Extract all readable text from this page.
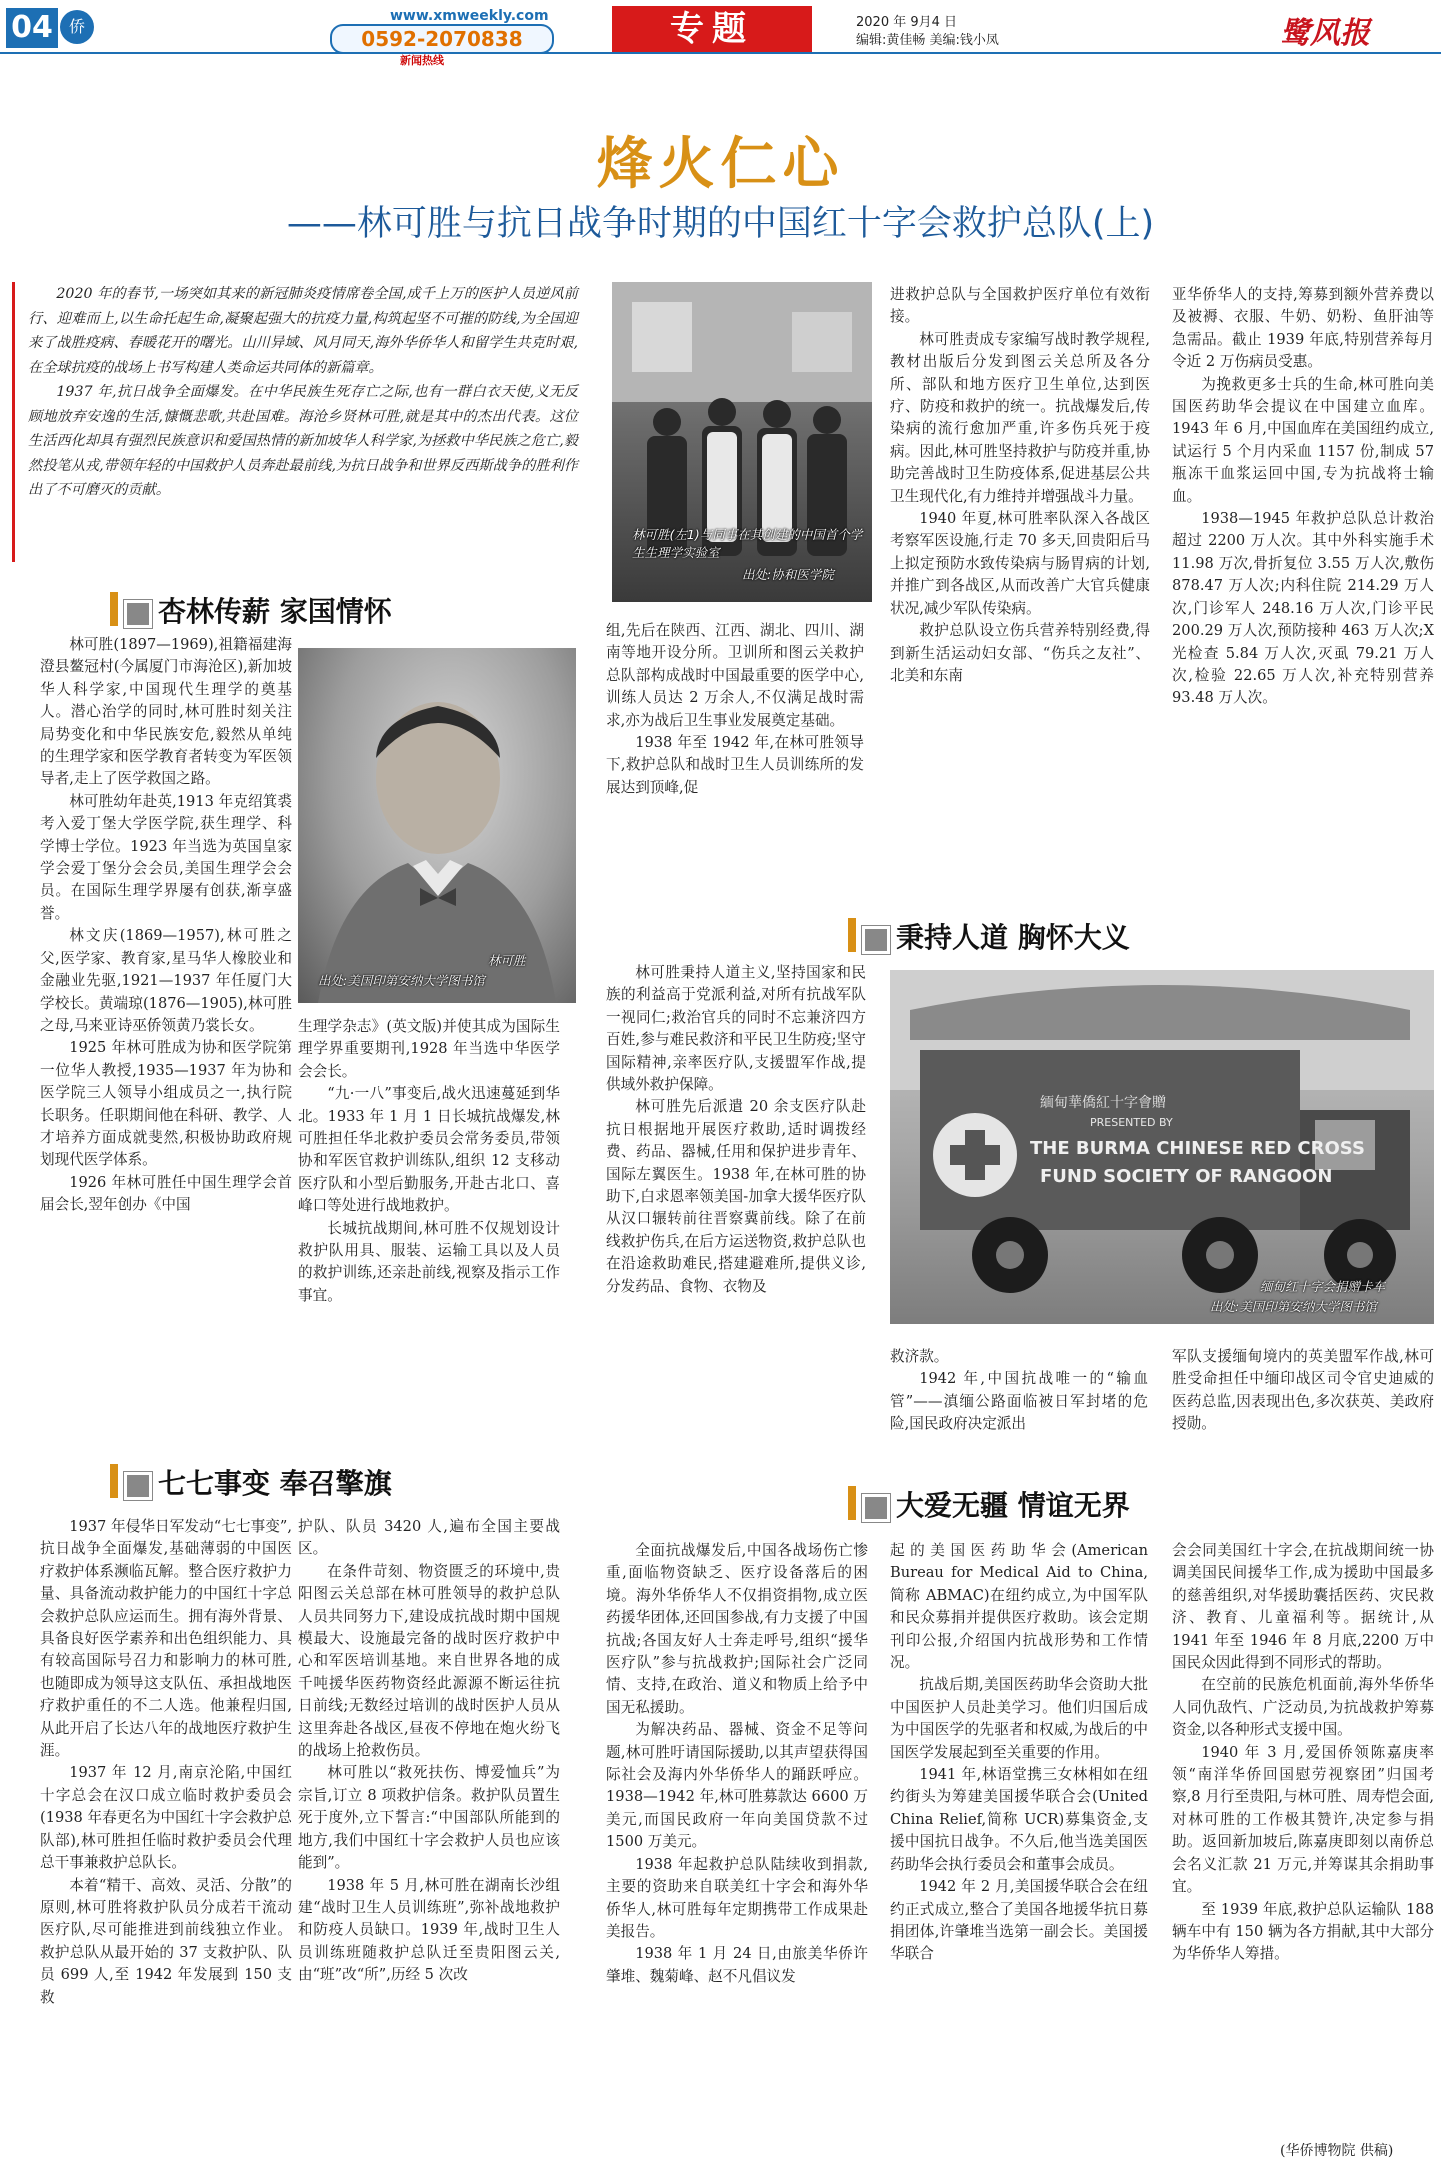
04	侨
www.xmweekly.com
0592-2070838
新闻热线
专题	2020 年 9月4 日
编辑:黄佳畅 美编:钱小凤	鹭风报
烽火仁心
——林可胜与抗日战争时期的中国红十字会救护总队(上)

2020 年的春节,一场突如其来的新冠肺炎疫情席卷全国,成千上万的医护人员逆风前行、迎难而上,以生命托起生命,凝聚起强大的抗疫力量,构筑起坚不可摧的防线,为全国迎来了战胜疫病、春暖花开的曙光。山川异域、风月同天,海外华侨华人和留学生共克时艰,在全球抗疫的战场上书写构建人类命运共同体的新篇章。

1937 年,抗日战争全面爆发。在中华民族生死存亡之际,也有一群白衣天使,义无反顾地放弃安逸的生活,慷慨悲歌,共赴国难。海沧乡贤林可胜,就是其中的杰出代表。这位生活西化却具有强烈民族意识和爱国热情的新加坡华人科学家,为拯救中华民族之危亡,毅然投笔从戎,带领年轻的中国救护人员奔赴最前线,为抗日战争和世界反西斯战争的胜利作出了不可磨灭的贡献。

林可胜(左1)与同事在其创建的中国首个学生生理学实验室
出处:协和医学院
杏林传薪 家国情怀
林可胜
出处:美国印第安纳大学图书馆

林可胜(1897—1969),祖籍福建海澄县鳌冠村(今属厦门市海沧区),新加坡华人科学家,中国现代生理学的奠基人。潜心治学的同时,林可胜时刻关注局势变化和中华民族安危,毅然从单纯的生理学家和医学教育者转变为军医领导者,走上了医学救国之路。

林可胜幼年赴英,1913 年克绍箕裘考入爱丁堡大学医学院,获生理学、科学博士学位。1923 年当选为英国皇家学会爱丁堡分会会员,美国生理学会会员。在国际生理学界屡有创获,渐享盛誉。

林文庆(1869—1957),林可胜之父,医学家、教育家,星马华人橡胶业和金融业先驱,1921—1937 年任厦门大学校长。黄端琼(1876—1905),林可胜之母,马来亚诗巫侨领黄乃裳长女。

1925 年林可胜成为协和医学院第一位华人教授,1935—1937 年为协和医学院三人领导小组成员之一,执行院长职务。任职期间他在科研、教学、人才培养方面成就斐然,积极协助政府规划现代医学体系。

1926 年林可胜任中国生理学会首届会长,翌年创办《中国

生理学杂志》(英文版)并使其成为国际生理学界重要期刊,1928 年当选中华医学会会长。

“九·一八”事变后,战火迅速蔓延到华北。1933 年 1 月 1 日长城抗战爆发,林可胜担任华北救护委员会常务委员,带领协和军医官救护训练队,组织 12 支移动医疗队和小型后勤服务,开赴古北口、喜峰口等处进行战地救护。

长城抗战期间,林可胜不仅规划设计救护队用具、服装、运输工具以及人员的救护训练,还亲赴前线,视察及指示工作事宜。

组,先后在陕西、江西、湖北、四川、湖南等地开设分所。卫训所和图云关救护总队部构成战时中国最重要的医学中心,训练人员达 2 万余人,不仅满足战时需求,亦为战后卫生事业发展奠定基础。

1938 年至 1942 年,在林可胜领导下,救护总队和战时卫生人员训练所的发展达到顶峰,促

进救护总队与全国救护医疗单位有效衔接。

林可胜责成专家编写战时教学规程,教材出版后分发到图云关总所及各分所、部队和地方医疗卫生单位,达到医疗、防疫和救护的统一。抗战爆发后,传染病的流行愈加严重,许多伤兵死于疫病。因此,林可胜坚持救护与防疫并重,协助完善战时卫生防疫体系,促进基层公共卫生现代化,有力维持并增强战斗力量。

1940 年夏,林可胜率队深入各战区考察军医设施,行走 70 多天,回贵阳后马上拟定预防水致传染病与肠胃病的计划,并推广到各战区,从而改善广大官兵健康状况,减少军队传染病。

救护总队设立伤兵营养特别经费,得到新生活运动妇女部、“伤兵之友社”、北美和东南

亚华侨华人的支持,筹募到额外营养费以及被褥、衣服、牛奶、奶粉、鱼肝油等急需品。截止 1939 年底,特别营养每月令近 2 万伤病员受惠。

为挽救更多士兵的生命,林可胜向美国医药助华会提议在中国建立血库。1943 年 6 月,中国血库在美国纽约成立,试运行 5 个月内采血 1157 份,制成 57 瓶冻干血浆运回中国,专为抗战将士输血。

1938—1945 年救护总队总计救治超过 2200 万人次。其中外科实施手术 11.98 万次,骨折复位 3.55 万人次,敷伤 878.47 万人次;内科住院 214.29 万人次,门诊军人 248.16 万人次,门诊平民 200.29 万人次,预防接种 463 万人次;X 光检查 5.84 万人次,灭虱 79.21 万人次,检验 22.65 万人次,补充特别营养 93.48 万人次。

秉持人道 胸怀大义

林可胜秉持人道主义,坚持国家和民族的利益高于党派利益,对所有抗战军队一视同仁;救治官兵的同时不忘兼济四方百姓,参与难民救济和平民卫生防疫;坚守国际精神,亲率医疗队,支援盟军作战,提供域外救护保障。

林可胜先后派遣 20 余支医疗队赴抗日根据地开展医疗救助,适时调拨经费、药品、器械,任用和保护进步青年、国际左翼医生。1938 年,在林可胜的协助下,白求恩率领美国-加拿大援华医疗队从汉口辗转前往晋察冀前线。除了在前线救护伤兵,在后方运送物资,救护总队也在沿途救助难民,搭建避难所,提供义诊,分发药品、食物、衣物及

緬甸華僑紅十字會贈
PRESENTED BY
THE BURMA CHINESE RED CROSS
FUND SOCIETY OF RANGOON
缅甸红十字会捐赠卡车
出处:美国印第安纳大学图书馆

救济款。

1942 年,中国抗战唯一的“输血管”——滇缅公路面临被日军封堵的危险,国民政府决定派出

军队支援缅甸境内的英美盟军作战,林可胜受命担任中缅印战区司令官史迪威的医药总监,因表现出色,多次获英、美政府授勋。

七七事变 奉召擎旗
大爱无疆 情谊无界

1937 年侵华日军发动“七七事变”,抗日战争全面爆发,基础薄弱的中国医疗救护体系濒临瓦解。整合医疗救护力量、具备流动救护能力的中国红十字总会救护总队应运而生。拥有海外背景、具备良好医学素养和出色组织能力、具有较高国际号召力和影响力的林可胜,也随即成为领导这支队伍、承担战地医疗救护重任的不二人选。他兼程归国,从此开启了长达八年的战地医疗救护生涯。

1937 年 12 月,南京沦陷,中国红十字总会在汉口成立临时救护委员会(1938 年春更名为中国红十字会救护总队部),林可胜担任临时救护委员会代理总干事兼救护总队长。

本着“精干、高效、灵活、分散”的原则,林可胜将救护队员分成若干流动医疗队,尽可能推进到前线独立作业。救护总队从最开始的 37 支救护队、队员 699 人,至 1942 年发展到 150 支救

护队、队员 3420 人,遍布全国主要战区。

在条件苛刻、物资匮乏的环境中,贵阳图云关总部在林可胜领导的救护总队人员共同努力下,建设成抗战时期中国规模最大、设施最完备的战时医疗救护中心和军医培训基地。来自世界各地的成千吨援华医药物资经此源源不断运往抗日前线;无数经过培训的战时医护人员从这里奔赴各战区,昼夜不停地在炮火纷飞的战场上抢救伤员。

林可胜以“救死扶伤、博爱恤兵”为宗旨,订立 8 项救护信条。救护队员置生死于度外,立下誓言:“中国部队所能到的地方,我们中国红十字会救护人员也应该能到”。

1938 年 5 月,林可胜在湖南长沙组建“战时卫生人员训练班”,弥补战地救护和防疫人员缺口。1939 年,战时卫生人员训练班随救护总队迁至贵阳图云关,由“班”改“所”,历经 5 次改

全面抗战爆发后,中国各战场伤亡惨重,面临物资缺乏、医疗设备落后的困境。海外华侨华人不仅捐资捐物,成立医药援华团体,还回国参战,有力支援了中国抗战;各国友好人士奔走呼号,组织“援华医疗队”参与抗战救护;国际社会广泛同情、支持,在政治、道义和物质上给予中国无私援助。

为解决药品、器械、资金不足等问题,林可胜吁请国际援助,以其声望获得国际社会及海内外华侨华人的踊跃呼应。1938—1942 年,林可胜募款达 6600 万美元,而国民政府一年向美国贷款不过 1500 万美元。

1938 年起救护总队陆续收到捐款,主要的资助来自联美红十字会和海外华侨华人,林可胜每年定期携带工作成果赴美报告。

1938 年 1 月 24 日,由旅美华侨许肇堆、魏菊峰、赵不凡倡议发

起的美国医药助华会(American Bureau for Medical Aid to China,简称 ABMAC)在纽约成立,为中国军队和民众募捐并提供医疗救助。该会定期刊印公报,介绍国内抗战形势和工作情况。

抗战后期,美国医药助华会资助大批中国医护人员赴美学习。他们归国后成为中国医学的先驱者和权威,为战后的中国医学发展起到至关重要的作用。

1941 年,林语堂携三女林相如在纽约街头为筹建美国援华联合会(United China Relief,简称 UCR)募集资金,支援中国抗日战争。不久后,他当选美国医药助华会执行委员会和董事会成员。

1942 年 2 月,美国援华联合会在纽约正式成立,整合了美国各地援华抗日募捐团体,许肇堆当选第一副会长。美国援华联合

会会同美国红十字会,在抗战期间统一协调美国民间援华工作,成为援助中国最多的慈善组织,对华援助囊括医药、灾民救济、教育、儿童福利等。据统计,从 1941 年至 1946 年 8 月底,2200 万中国民众因此得到不同形式的帮助。

在空前的民族危机面前,海外华侨华人同仇敌忾、广泛动员,为抗战救护筹募资金,以各种形式支援中国。

1940 年 3 月,爱国侨领陈嘉庚率领“南洋华侨回国慰劳视察团”归国考察,8 月行至贵阳,与林可胜、周寿恺会面,对林可胜的工作极其赞许,决定参与捐助。返回新加坡后,陈嘉庚即刻以南侨总会名义汇款 21 万元,并筹谋其余捐助事宜。

至 1939 年底,救护总队运输队 188 辆车中有 150 辆为各方捐献,其中大部分为华侨华人筹措。

(华侨博物院 供稿)
